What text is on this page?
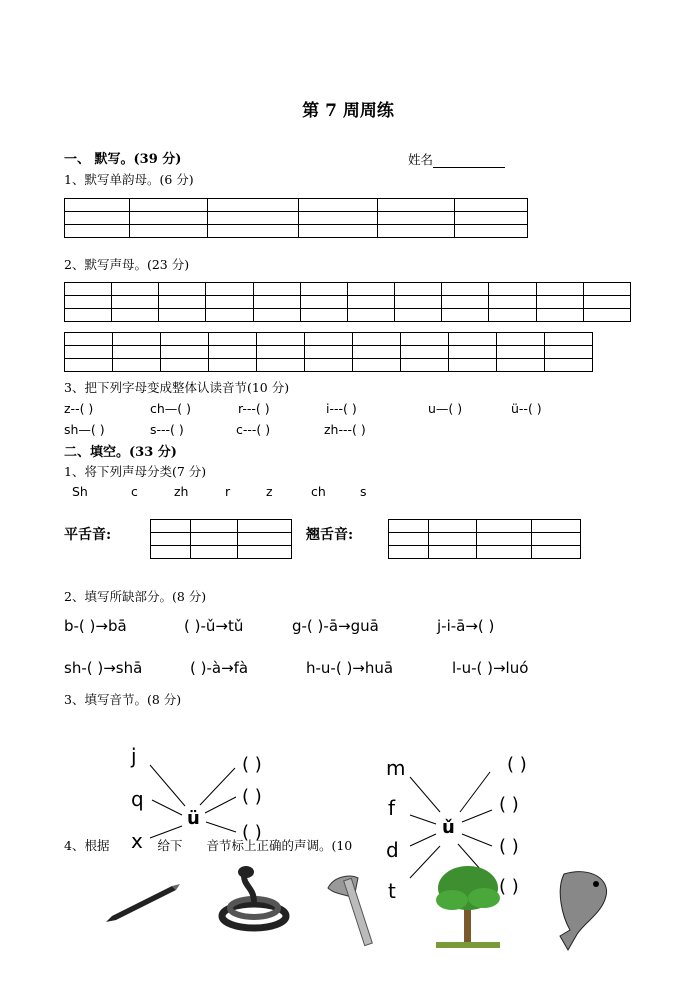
第 7 周周练
一、 默写。(39 分)	姓名
1、默写单韵母。(6 分)

2、默写声母。(23 分)

3、把下列字母变成整体认读音节(10 分)
z--( )	ch—( )	r---( )	i---( )	u—( )	ü--( )
sh—( )	s---( )	c---( )	zh---( )
二、填空。(33 分)
1、将下列声母分类(7 分)
Sh	c	zh	r	z	ch	s
平舌音:

			翘舌音:

2、填写所缺部分。(8 分)
b-( )→bā	( )-ǔ→tǔ	g-( )-ā→guā	j-i-ā→( )
sh-( )→shā	( )-à→fà	h-u-( )→huā	l-u-( )→luó
3、填写音节。(8 分)
j
q
x
ü
( )
( )
( )
m
f
d
t
ǔ
( )
( )
( )
( )
4、根据	给下 音节标上正确的声调。(10
